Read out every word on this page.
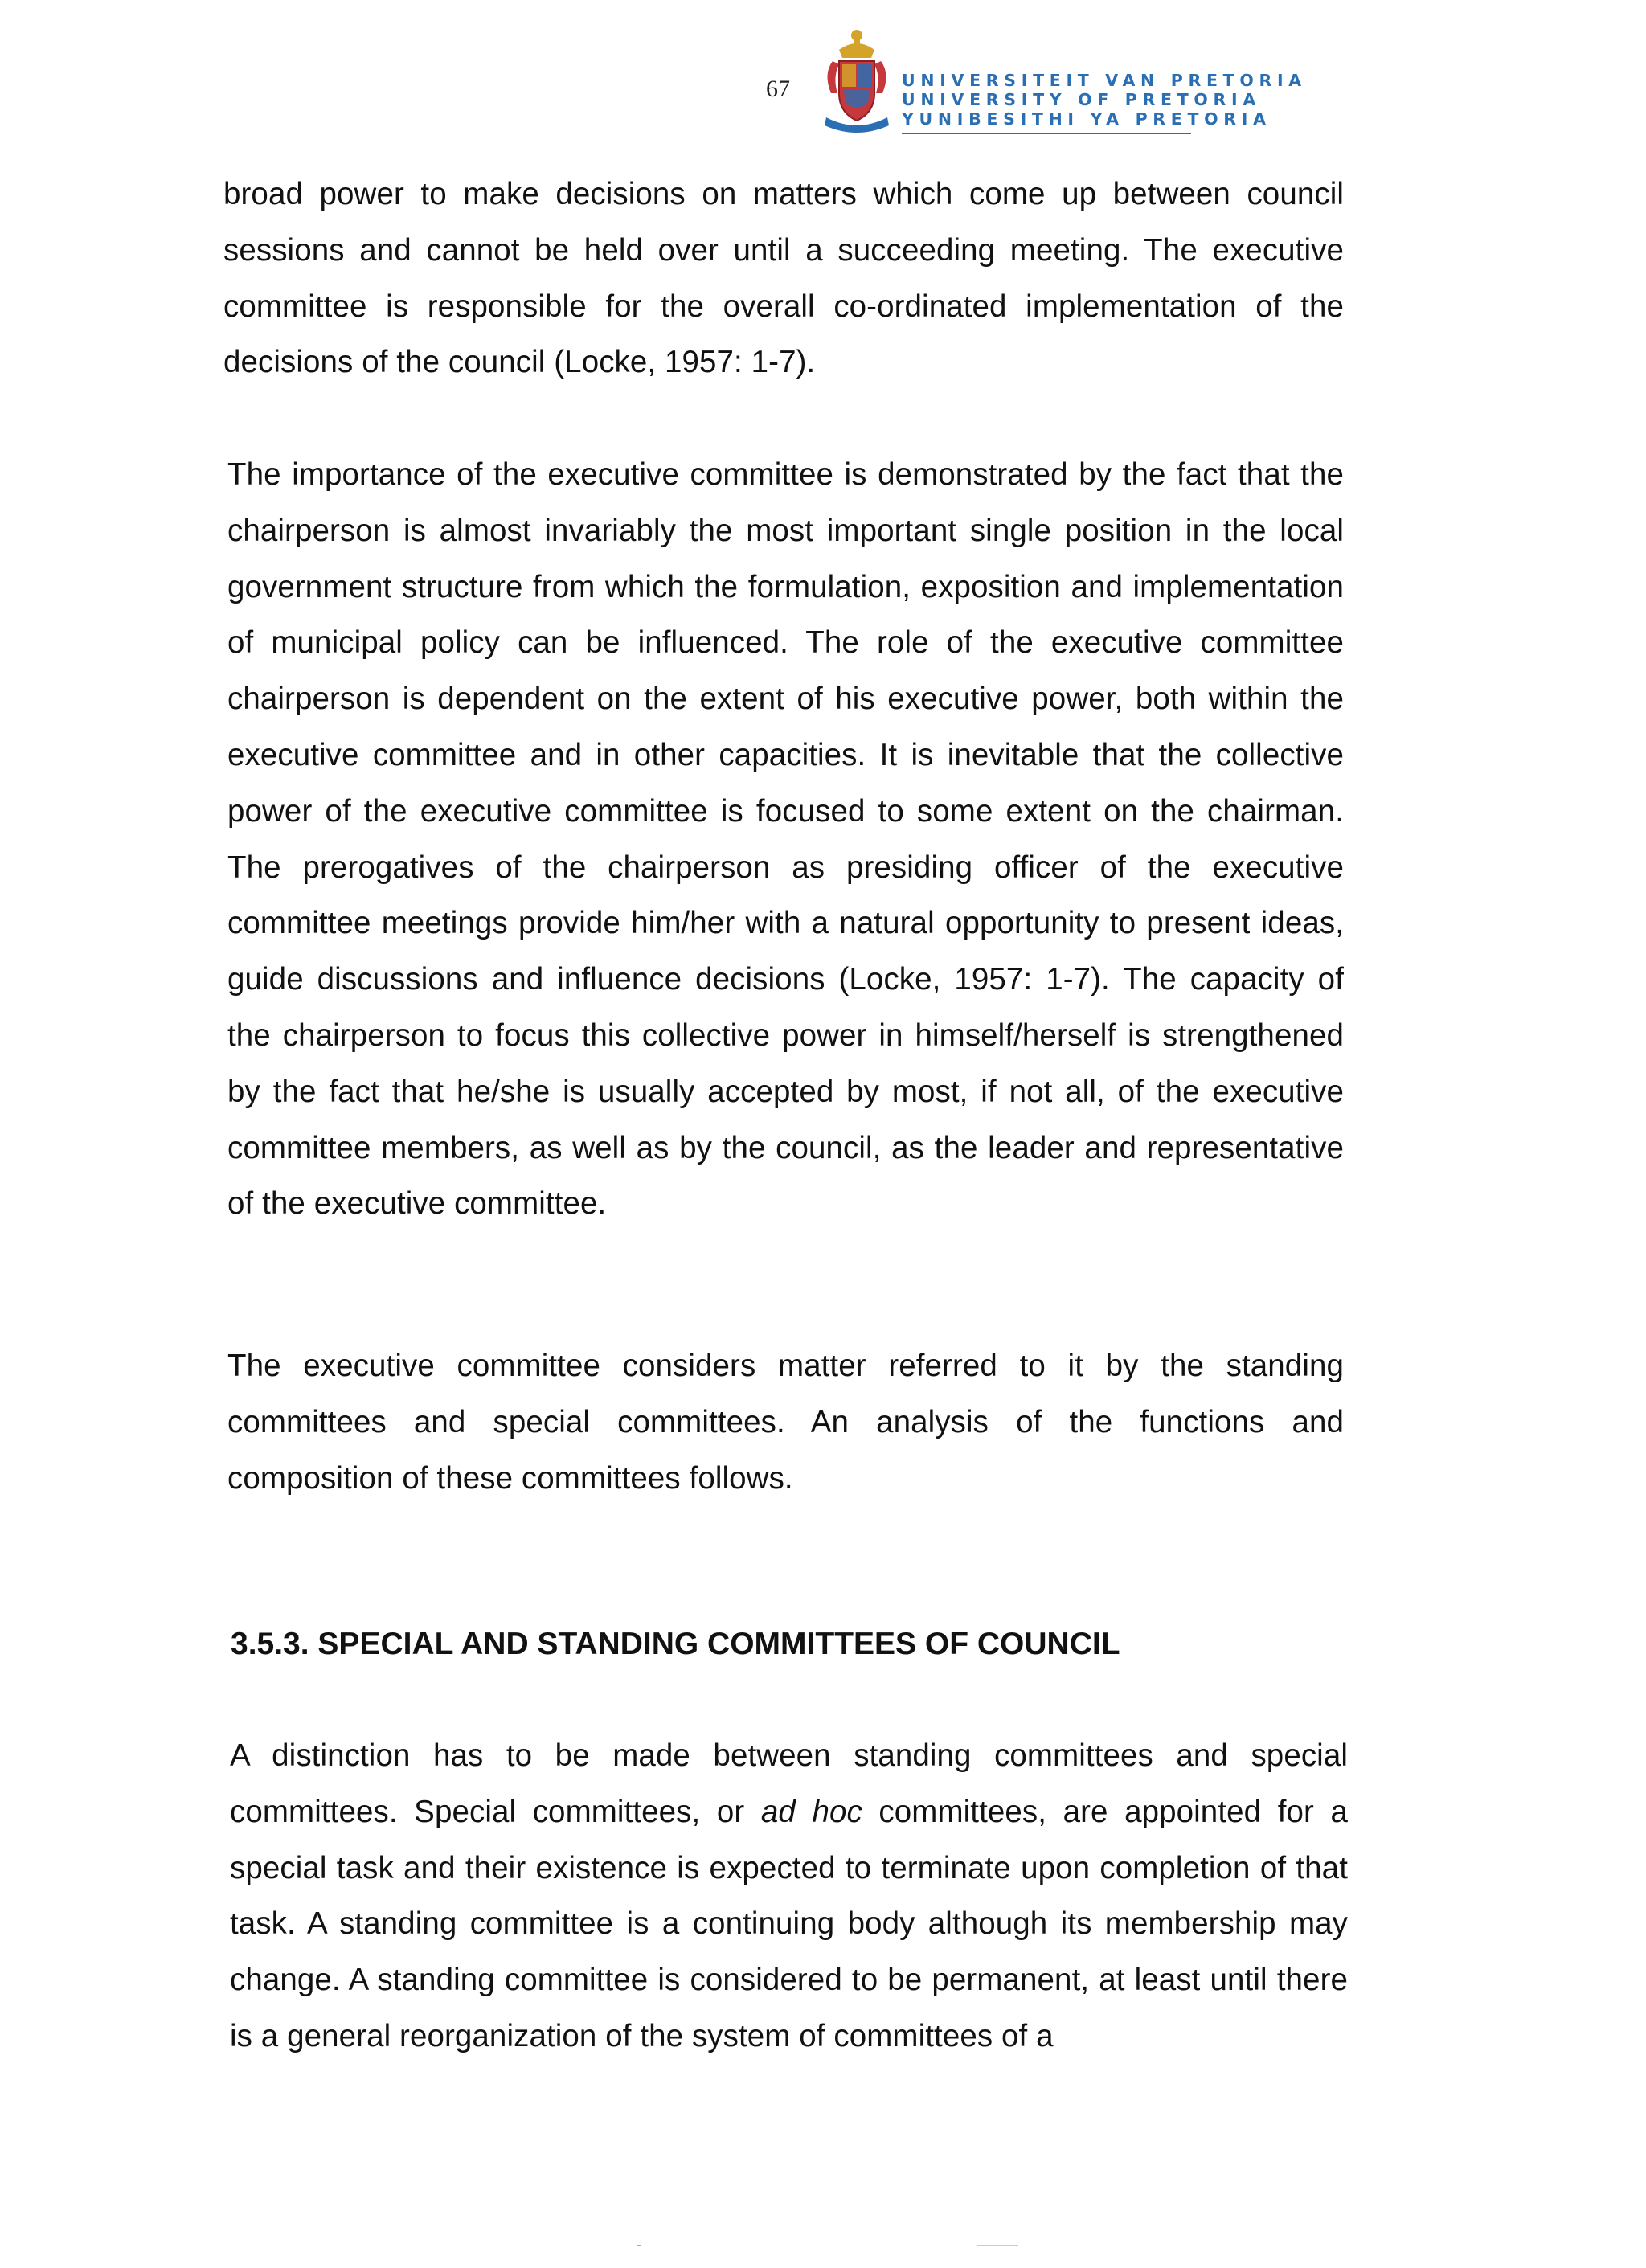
67	UNIVERSITEIT VAN PRETORIA
UNIVERSITY OF PRETORIA
YUNIBESITHI YA PRETORIA

broad power to make decisions on matters which come up between council sessions and cannot be held over until a succeeding meeting. The executive committee is responsible for the overall co-ordinated implementation of the decisions of the council (Locke, 1957: 1-7).

The importance of the executive committee is demonstrated by the fact that the chairperson is almost invariably the most important single position in the local government structure from which the formulation, exposition and implementation of municipal policy can be influenced. The role of the executive committee chairperson is dependent on the extent of his executive power, both within the executive committee and in other capacities. It is inevitable that the collective power of the executive committee is focused to some extent on the chairman. The prerogatives of the chairperson as presiding officer of the executive committee meetings provide him/her with a natural opportunity to present ideas, guide discussions and influence decisions (Locke, 1957: 1-7). The capacity of the chairperson to focus this collective power in himself/herself is strengthened by the fact that he/she is usually accepted by most, if not all, of the executive committee members, as well as by the council, as the leader and representative of the executive committee.

The executive committee considers matter referred to it by the standing committees and special committees. An analysis of the functions and composition of these committees follows.

3.5.3. SPECIAL AND STANDING COMMITTEES OF COUNCIL

A distinction has to be made between standing committees and special committees. Special committees, or ad hoc committees, are appointed for a special task and their existence is expected to terminate upon completion of that task. A standing committee is a continuing body although its membership may change. A standing committee is considered to be permanent, at least until there is a general reorganization of the system of committees of a
